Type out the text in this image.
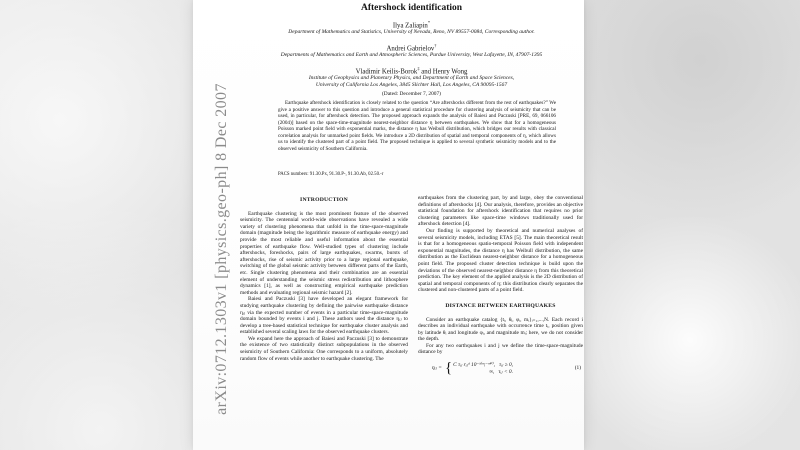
arXiv:0712.1303v1 [physics.geo-ph] 8 Dec 2007
Aftershock identification
Ilya Zaliapin*
Department of Mathematics and Statistics, University of Nevada, Reno, NV 89557-0084, Corresponding author.
Andrei Gabrielov†
Departments of Mathematics and Earth and Atmospheric Sciences, Purdue University, West Lafayette, IN, 47907-1395
Vladimir Keilis-Borok‡ and Henry Wong
Institute of Geophysics and Planetary Physics, and Department of Earth and Space Sciences,
University of California Los Angeles, 3845 Slichter Hall, Los Angeles, CA 90095-1567
(Dated: December 7, 2007)
Earthquake aftershock identification is closely related to the question “Are aftershocks different from the rest of earthquakes?” We give a positive answer to this question and introduce a general statistical procedure for clustering analysis of seismicity that can be used, in particular, for aftershock detection. The proposed approach expands the analysis of Baiesi and Paczuski [PRE, 69, 066106 (2004)] based on the space-time-magnitude nearest-neighbor distance η between earthquakes. We show that for a homogeneous Poisson marked point field with exponential marks, the distance η has Weibull distribution, which bridges our results with classical correlation analysis for unmarked point fields. We introduce a 2D distribution of spatial and temporal components of η, which allows us to identify the clustered part of a point field. The proposed technique is applied to several synthetic seismicity models and to the observed seismicity of Southern California.
PACS numbers: 91.30.Px, 91.30.P-, 91.30.Ab, 02.50.-r
INTRODUCTION

Earthquake clustering is the most prominent feature of the observed seismicity. The centennial world-wide observations have revealed a wide variety of clustering phenomena that unfold in the time-space-magnitude domain (magnitude being the logarithmic measure of earthquake energy) and provide the most reliable and useful information about the essential properties of earthquake flow. Well-studied types of clustering include aftershocks, foreshocks, pairs of large earthquakes, swarms, bursts of aftershocks, rise of seismic activity prior to a large regional earthquake, switching of the global seismic activity between different parts of the Earth, etc. Single clustering phenomena and their combination are an essential element of understanding the seismic stress redistribution and lithosphere dynamics [1], as well as constructing empirical earthquake prediction methods and evaluating regional seismic hazard [2].

Baiesi and Paczuski [3] have developed an elegant framework for studying earthquake clustering by defining the pairwise earthquake distance ηᵢⱼ via the expected number of events in a particular time-space-magnitude domain bounded by events i and j. These authors used the distance ηᵢⱼ to develop a tree-based statistical technique for earthquake cluster analysis and established several scaling laws for the observed earthquake clusters.

We expand here the approach of Baiesi and Paczuski [3] to demonstrate the existence of two statistically distinct subpopulations in the observed seismicity of Southern California: One corresponds to a uniform, absolutely random flow of events while another to earthquake clustering. The

earthquakes from the clustering part, by and large, obey the conventional definitions of aftershocks [4]. Our analysis, therefore, provides an objective statistical foundation for aftershock identification that requires no prior clustering parameters like space-time windows traditionally used for aftershock detection [4].

Our finding is supported by theoretical and numerical analyses of several seismicity models, including ETAS [5]. The main theoretical result is that for a homogeneous spatio-temporal Poisson field with independent exponential magnitudes, the distance η has Weibull distribution, the same distribution as the Euclidean nearest-neighbor distance for a homogeneous point field. The proposed cluster detection technique is build upon the deviations of the observed nearest-neighbor distance η from this theoretical prediction. The key element of the applied analysis is the 2D distribution of spatial and temporal components of η; this distribution clearly separates the clustered and non-clustered parts of a point field.

DISTANCE BETWEEN EARTHQUAKES

Consider an earthquake catalog {tᵢ, θᵢ, φᵢ, mᵢ}ᵢ₌₁,...,N. Each record i describes an individual earthquake with occurrence time tᵢ, position given by latitude θᵢ and longitude φᵢ, and magnitude mᵢ; here, we do not consider the depth.

For any two earthquakes i and j we define the time-space-magnitude distance by

ηᵢⱼ = { C τᵢⱼ rᵢⱼᵈ 10⁻ᵇ⁽ᵐᵢ⁻ᵐ⁰⁾, τᵢⱼ ≥ 0,
∞, τᵢⱼ < 0.
(1)
